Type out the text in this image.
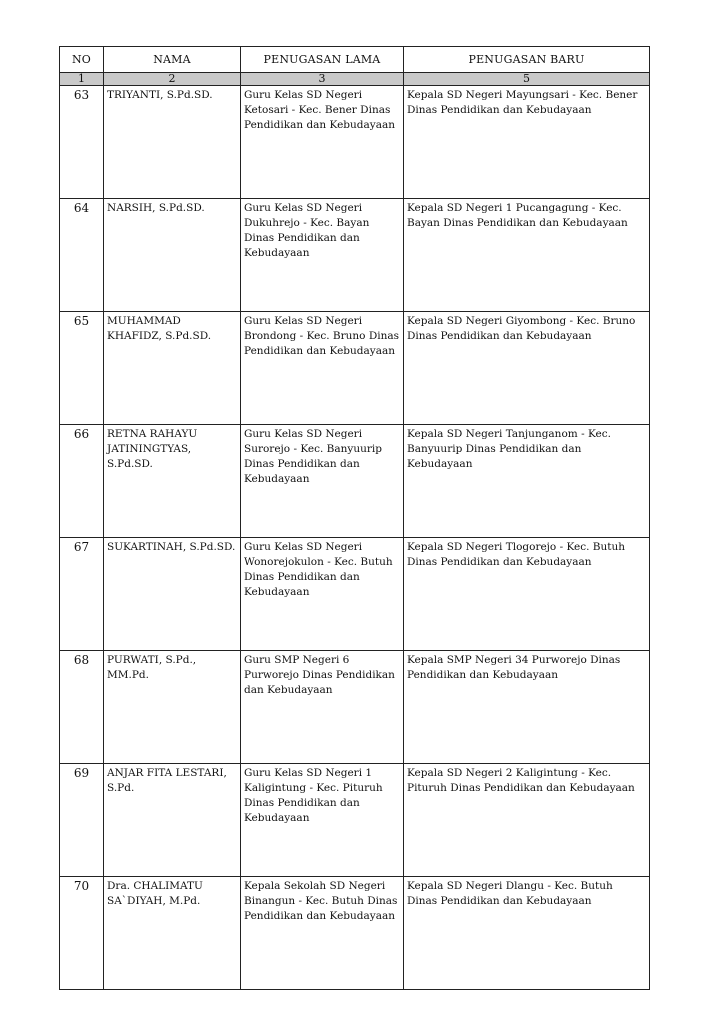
NO	NAMA	PENUGASAN LAMA	PENUGASAN BARU
1	2	3	5
63	TRIYANTI, S.Pd.SD.	Guru Kelas SD Negeri Ketosari - Kec. Bener Dinas Pendidikan dan Kebudayaan	Kepala SD Negeri Mayungsari - Kec. Bener Dinas Pendidikan dan Kebudayaan
64	NARSIH, S.Pd.SD.	Guru Kelas SD Negeri Dukuhrejo - Kec. Bayan Dinas Pendidikan dan Kebudayaan	Kepala SD Negeri 1 Pucangagung - Kec. Bayan Dinas Pendidikan dan Kebudayaan
65	MUHAMMAD KHAFIDZ, S.Pd.SD.	Guru Kelas SD Negeri Brondong - Kec. Bruno Dinas Pendidikan dan Kebudayaan	Kepala SD Negeri Giyombong - Kec. Bruno Dinas Pendidikan dan Kebudayaan
66	RETNA RAHAYU JATININGTYAS, S.Pd.SD.	Guru Kelas SD Negeri Surorejo - Kec. Banyuurip Dinas Pendidikan dan Kebudayaan	Kepala SD Negeri Tanjunganom - Kec. Banyuurip Dinas Pendidikan dan Kebudayaan
67	SUKARTINAH, S.Pd.SD.	Guru Kelas SD Negeri Wonorejokulon - Kec. Butuh Dinas Pendidikan dan Kebudayaan	Kepala SD Negeri Tlogorejo - Kec. Butuh Dinas Pendidikan dan Kebudayaan
68	PURWATI, S.Pd., MM.Pd.	Guru SMP Negeri 6 Purworejo Dinas Pendidikan dan Kebudayaan	Kepala SMP Negeri 34 Purworejo Dinas Pendidikan dan Kebudayaan
69	ANJAR FITA LESTARI, S.Pd.	Guru Kelas SD Negeri 1 Kaligintung - Kec. Pituruh Dinas Pendidikan dan Kebudayaan	Kepala SD Negeri 2 Kaligintung - Kec. Pituruh Dinas Pendidikan dan Kebudayaan
70	Dra. CHALIMATU SA`DIYAH, M.Pd.	Kepala Sekolah SD Negeri Binangun - Kec. Butuh Dinas Pendidikan dan Kebudayaan	Kepala SD Negeri Dlangu - Kec. Butuh Dinas Pendidikan dan Kebudayaan
